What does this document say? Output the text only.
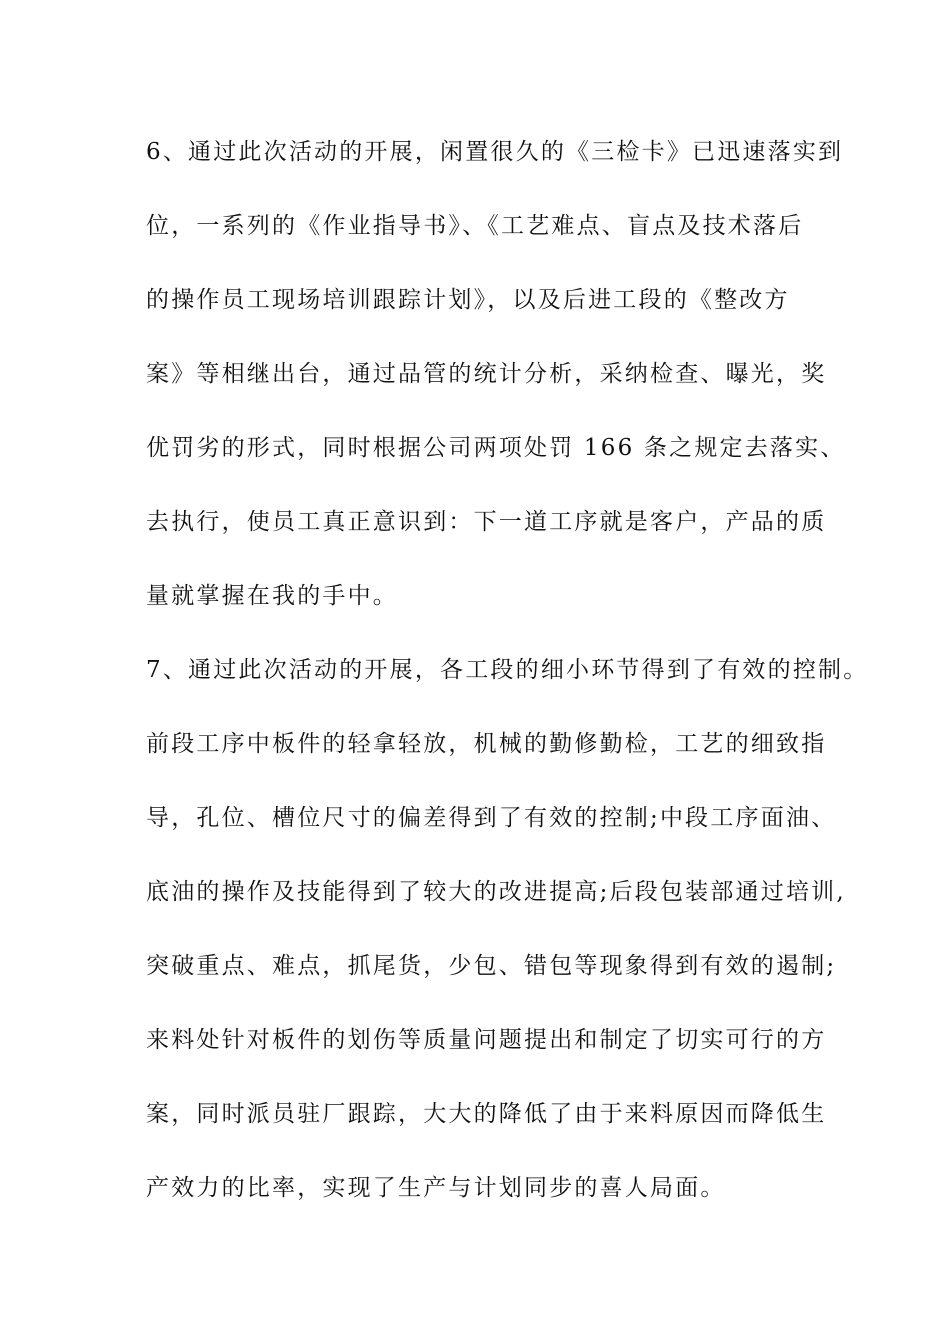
6、通过此次活动的开展，闲置很久的《三检卡》已迅速落实到
位，一系列的《作业指导书》、《工艺难点、盲点及技术落后
的操作员工现场培训跟踪计划》，以及后进工段的《整改方
案》等相继出台，通过品管的统计分析，采纳检查、曝光，奖
优罚劣的形式，同时根据公司两项处罚 166 条之规定去落实、
去执行，使员工真正意识到：下一道工序就是客户，产品的质
量就掌握在我的手中。
7、通过此次活动的开展，各工段的细小环节得到了有效的控制。
前段工序中板件的轻拿轻放，机械的勤修勤检，工艺的细致指
导，孔位、槽位尺寸的偏差得到了有效的控制;中段工序面油、
底油的操作及技能得到了较大的改进提高;后段包装部通过培训,
突破重点、难点，抓尾货，少包、错包等现象得到有效的遏制;
来料处针对板件的划伤等质量问题提出和制定了切实可行的方
案，同时派员驻厂跟踪，大大的降低了由于来料原因而降低生
产效力的比率，实现了生产与计划同步的喜人局面。
